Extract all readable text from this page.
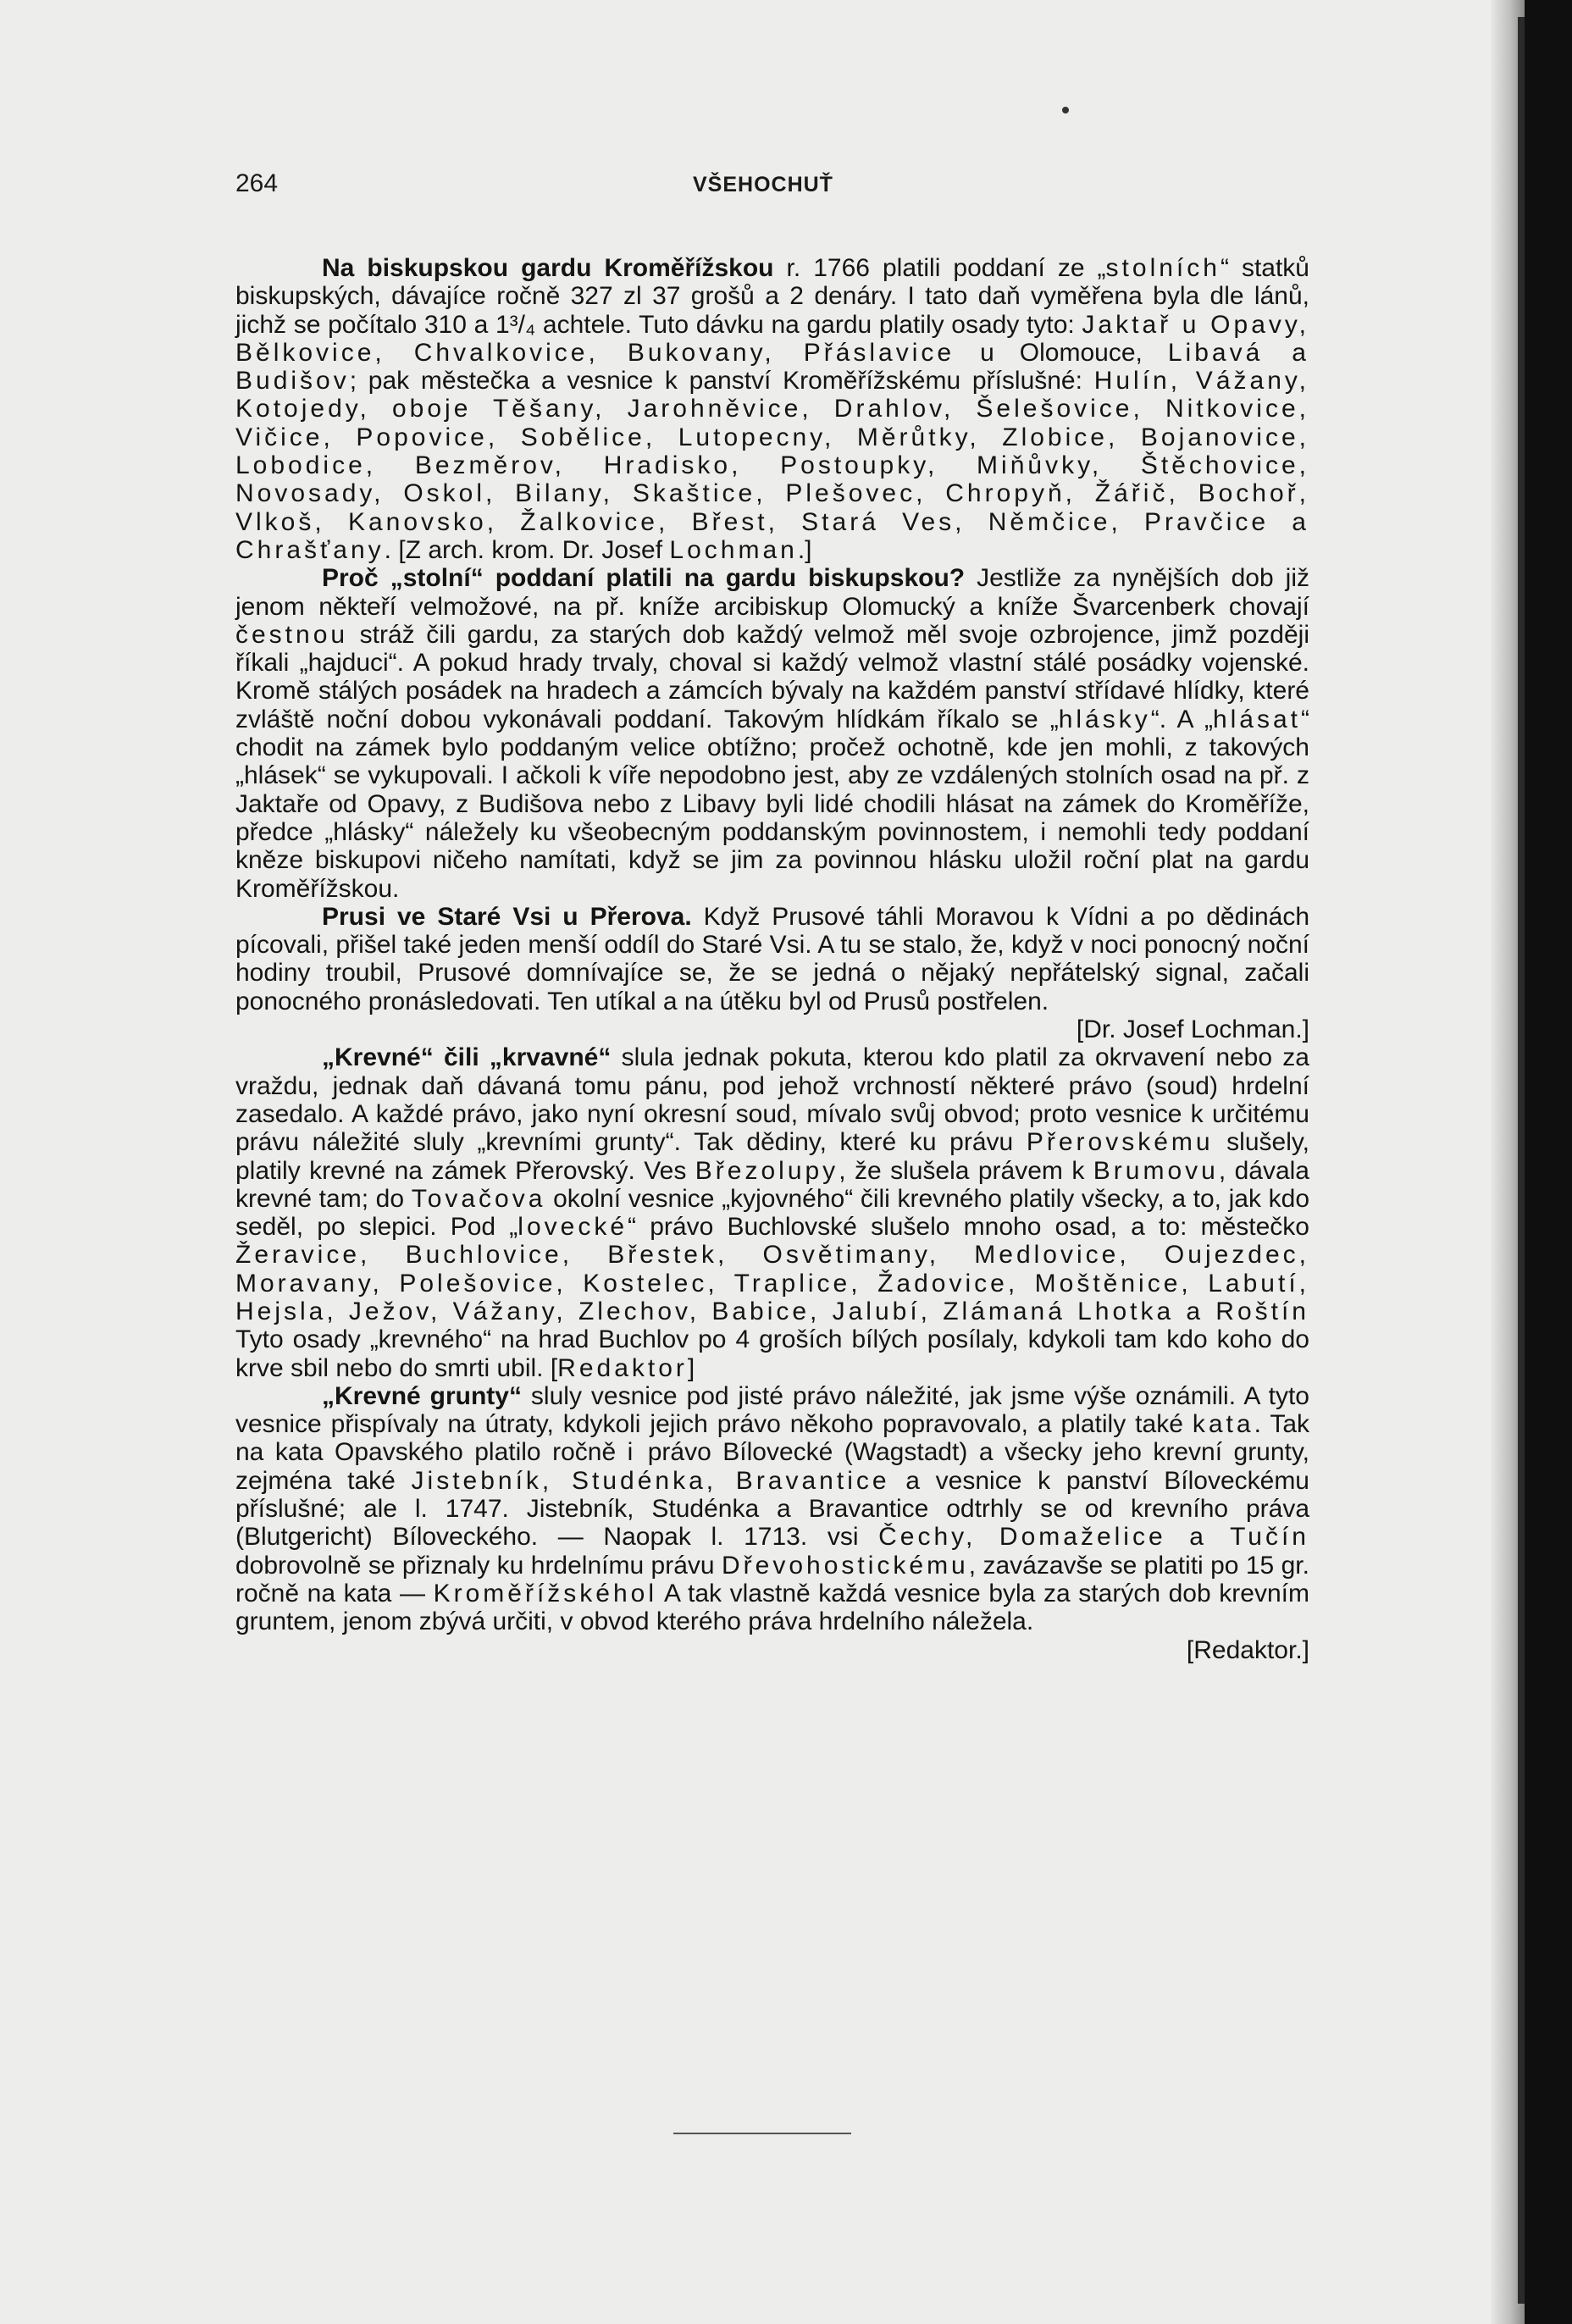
264	VŠEHOCHUŤ

Na biskupskou gardu Kroměřížskou r. 1766 platili poddaní ze „stolních“ statků biskupských, dávajíce ročně 327 zl 37 grošů a 2 denáry. I tato daň vyměřena byla dle lánů, jichž se počítalo 310 a 1³/₄ achtele. Tuto dávku na gardu platily osady tyto: Jaktař u Opavy, Bělkovice, Chvalkovice, Bukovany, Přáslavice u Olomouce, Libavá a Budišov; pak městečka a vesnice k panství Kroměřížskému příslušné: Hulín, Vážany, Kotojedy, oboje Těšany, Jarohněvice, Drahlov, Šelešovice, Nitkovice, Vičice, Popovice, Sobělice, Lutopecny, Měrůtky, Zlobice, Bojanovice, Lobodice, Bezměrov, Hradisko, Postoupky, Miňůvky, Štěchovice, Novosady, Oskol, Bilany, Skaštice, Plešovec, Chropyň, Žářič, Bochoř, Vlkoš, Kanovsko, Žalkovice, Břest, Stará Ves, Němčice, Pravčice a Chrašťany. [Z arch. krom. Dr. Josef Lochman.]

Proč „stolní“ poddaní platili na gardu biskupskou? Jestliže za nynějších dob již jenom někteří velmožové, na př. kníže arcibiskup Olomucký a kníže Švarcenberk chovají čestnou stráž čili gardu, za starých dob každý velmož měl svoje ozbrojence, jimž později říkali „hajduci“. A pokud hrady trvaly, choval si každý velmož vlastní stálé posádky vojenské. Kromě stálých posádek na hradech a zámcích bývaly na každém panství střídavé hlídky, které zvláště noční dobou vykonávali poddaní. Takovým hlídkám říkalo se „hlásky“. A „hlásat“ chodit na zámek bylo poddaným velice obtížno; pročež ochotně, kde jen mohli, z takových „hlásek“ se vykupovali. I ačkoli k víře nepodobno jest, aby ze vzdálených stolních osad na př. z Jaktaře od Opavy, z Budišova nebo z Libavy byli lidé chodili hlásat na zámek do Kroměříže, předce „hlásky“ náležely ku všeobecným poddanským povinnostem, i nemohli tedy poddaní kněze biskupovi ničeho namítati, když se jim za povinnou hlásku uložil roční plat na gardu Kroměřížskou.

Prusi ve Staré Vsi u Přerova. Když Prusové táhli Moravou k Vídni a po dědinách pícovali, přišel také jeden menší oddíl do Staré Vsi. A tu se stalo, že, když v noci ponocný noční hodiny troubil, Prusové domnívajíce se, že se jedná o nějaký nepřátelský signal, začali ponocného pronásledovati. Ten utíkal a na útěku byl od Prusů postřelen.
[Dr. Josef Lochman.]

„Krevné“ čili „krvavné“ slula jednak pokuta, kterou kdo platil za okrvavení nebo za vraždu, jednak daň dávaná tomu pánu, pod jehož vrchností některé právo (soud) hrdelní zasedalo. A každé právo, jako nyní okresní soud, mívalo svůj obvod; proto vesnice k určitému právu náležité sluly „krevními grunty“. Tak dědiny, které ku právu Přerovskému slušely, platily krevné na zámek Přerovský. Ves Březolupy, že slušela právem k Brumovu, dávala krevné tam; do Tovačova okolní vesnice „kyjovného“ čili krevného platily všecky, a to, jak kdo seděl, po slepici. Pod „lovecké“ právo Buchlovské slušelo mnoho osad, a to: městečko Žeravice, Buchlovice, Břestek, Osvětimany, Medlovice, Oujezdec, Moravany, Polešovice, Kostelec, Traplice, Žadovice, Moštěnice, Labutí, Hejsla, Ježov, Vážany, Zlechov, Babice, Jalubí, Zlámaná Lhotka a Roštín Tyto osady „krevného“ na hrad Buchlov po 4 groších bílých posílaly, kdykoli tam kdo koho do krve sbil nebo do smrti ubil. [Redaktor]

„Krevné grunty“ sluly vesnice pod jisté právo náležité, jak jsme výše oznámili. A tyto vesnice přispívaly na útraty, kdykoli jejich právo někoho popravovalo, a platily také kata. Tak na kata Opavského platilo ročně i právo Bílovecké (Wagstadt) a všecky jeho krevní grunty, zejména také Jistebník, Studénka, Bravantice a vesnice k panství Bíloveckému příslušné; ale l. 1747. Jistebník, Studénka a Bravantice odtrhly se od krevního práva (Blutgericht) Bíloveckého. — Naopak l. 1713. vsi Čechy, Domaželice a Tučín dobrovolně se přiznaly ku hrdelnímu právu Dřevohostickému, zavázavše se platiti po 15 gr. ročně na kata — Kroměřížskéhol A tak vlastně každá vesnice byla za starých dob krevním gruntem, jenom zbývá určiti, v obvod kterého práva hrdelního náležela.
[Redaktor.]
